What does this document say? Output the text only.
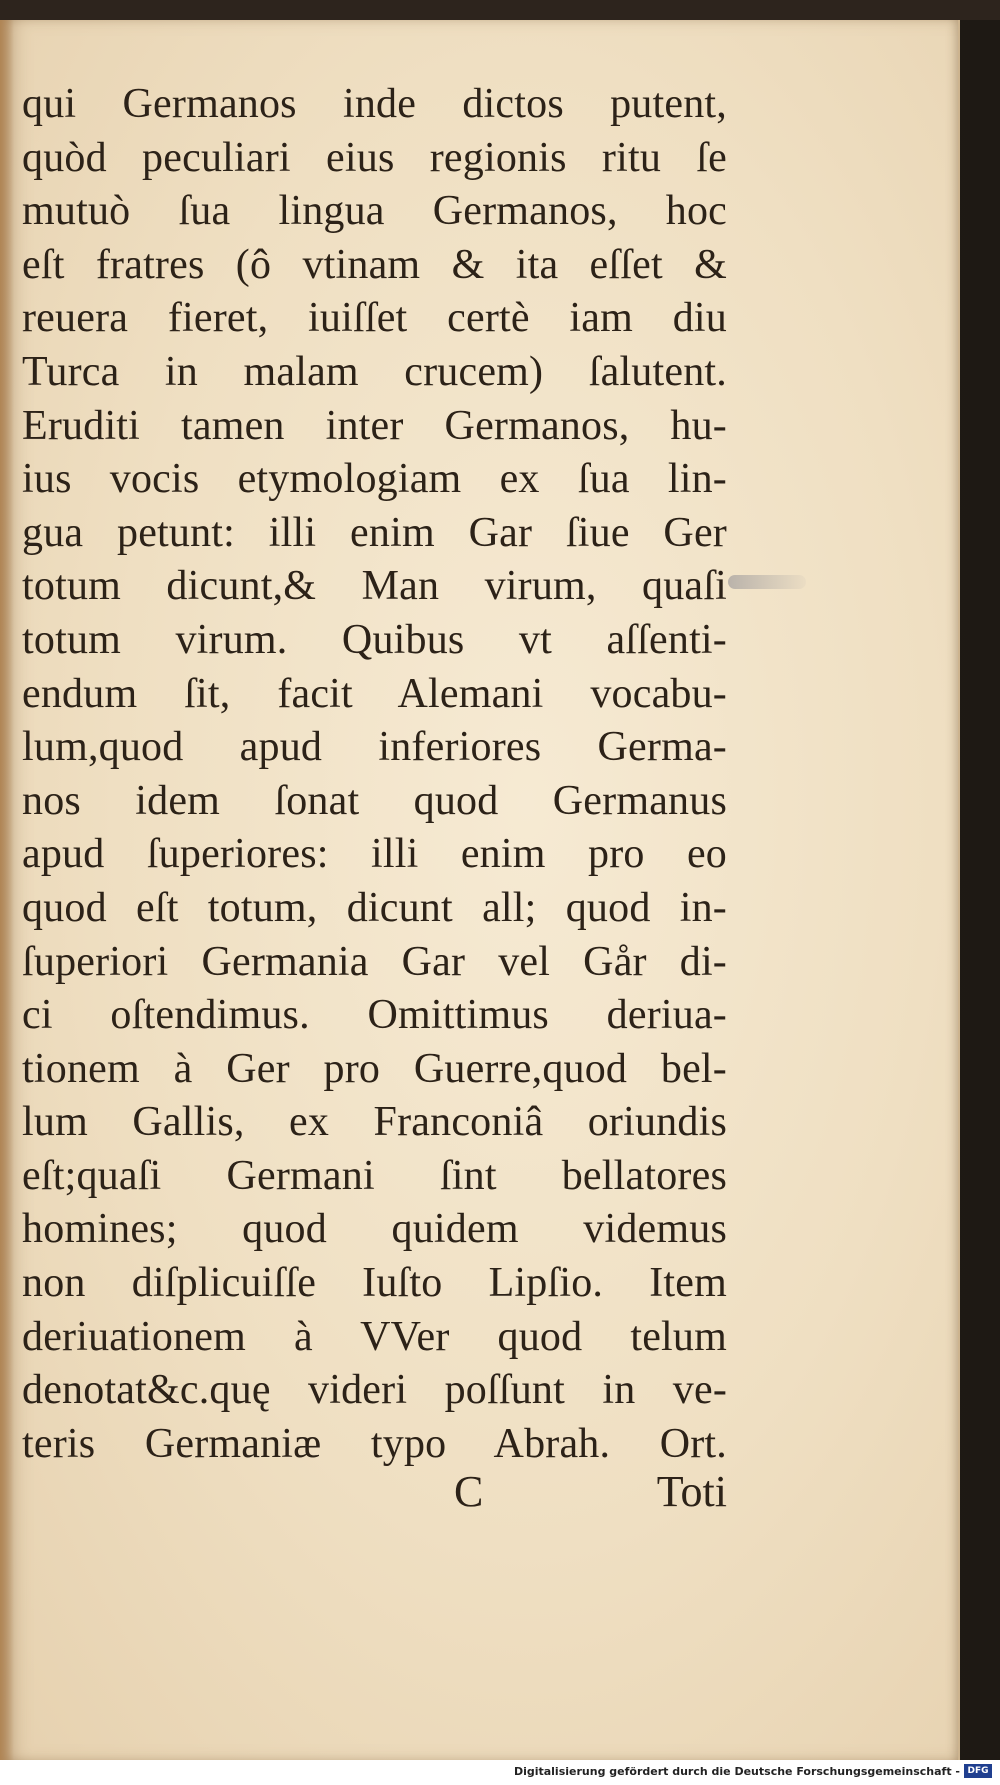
qui Germanos inde dictos putent,
quòd peculiari eius regionis ritu ſe
mutuò ſua lingua Germanos, hoc
eſt fratres (ô vtinam & ita eſſet &
reuera fieret, iuiſſet certè iam diu
Turca in malam crucem) ſalutent.
Eruditi tamen inter Germanos, hu-
ius vocis etymologiam ex ſua lin-
gua petunt: illi enim Gar ſiue Ger
totum dicunt,& Man virum, quaſi
totum virum. Quibus vt aſſenti-
endum ſit, facit Alemani vocabu-
lum,quod apud inferiores Germa-
nos idem ſonat quod Germanus
apud ſuperiores: illi enim pro eo
quod eſt totum, dicunt all; quod in-
ſuperiori Germania Gar vel Går di-
ci oſtendimus. Omittimus deriua-
tionem à Ger pro Guerre,quod bel-
lum Gallis, ex Franconiâ oriundis
eſt;quaſi Germani ſint bellatores
homines; quod quidem videmus
non diſplicuiſſe Iuſto Lipſio. Item
deriuationem à VVer quod telum
denotat&c.quę videri poſſunt in ve-
teris Germaniæ typo Abrah. Ort.
C	Toti
Digitalisierung gefördert durch die Deutsche Forschungsgemeinschaft - DFG
